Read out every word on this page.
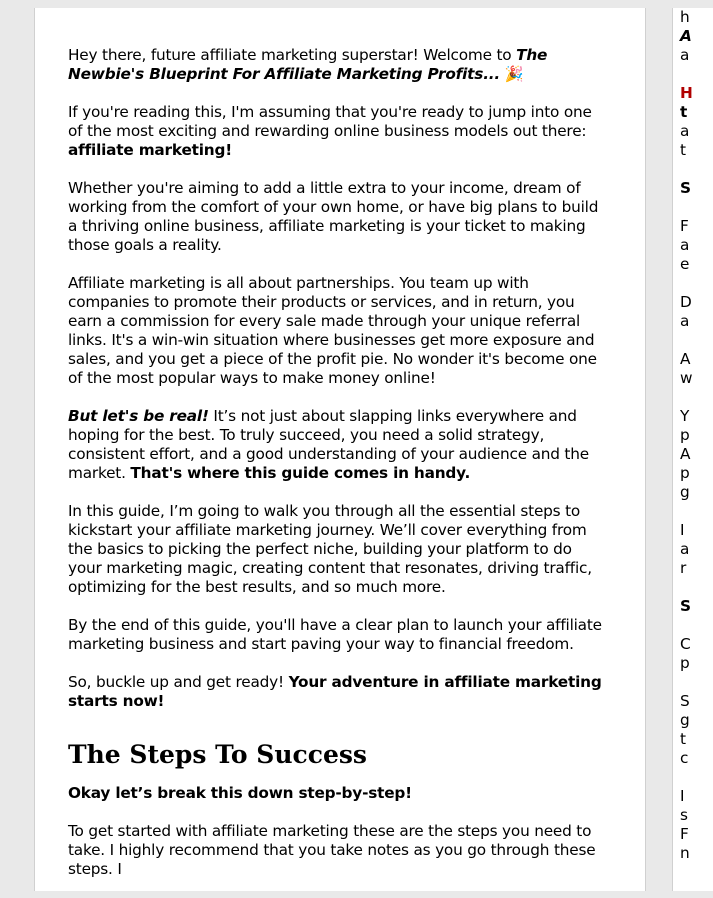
Hey there, future affiliate marketing superstar! Welcome to The Newbie's Blueprint For Affiliate Marketing Profits... 🎉

If you're reading this, I'm assuming that you're ready to jump into one of the most exciting and rewarding online business models out there: affiliate marketing!

Whether you're aiming to add a little extra to your income, dream of working from the comfort of your own home, or have big plans to build a thriving online business, affiliate marketing is your ticket to making those goals a reality.

Affiliate marketing is all about partnerships. You team up with companies to promote their products or services, and in return, you earn a commission for every sale made through your unique referral links. It's a win-win situation where businesses get more exposure and sales, and you get a piece of the profit pie. No wonder it's become one of the most popular ways to make money online!

But let's be real! It’s not just about slapping links everywhere and hoping for the best. To truly succeed, you need a solid strategy, consistent effort, and a good understanding of your audience and the market. That's where this guide comes in handy.

In this guide, I’m going to walk you through all the essential steps to kickstart your affiliate marketing journey. We’ll cover everything from the basics to picking the perfect niche, building your platform to do your marketing magic, creating content that resonates, driving traffic, optimizing for the best results, and so much more.

By the end of this guide, you'll have a clear plan to launch your affiliate marketing business and start paving your way to financial freedom.

So, buckle up and get ready! Your adventure in affiliate marketing starts now!

The Steps To Success

Okay let’s break this down step-by-step!

To get started with affiliate marketing these are the steps you need to take. I highly recommend that you take notes as you go through these steps. I

h
A
a
H
t
a
t
S
F
a
e
D
a
A
w
Y
p
A
p
g
I
a
r
S
C
p
S
g
t
c
I
s
F
n
